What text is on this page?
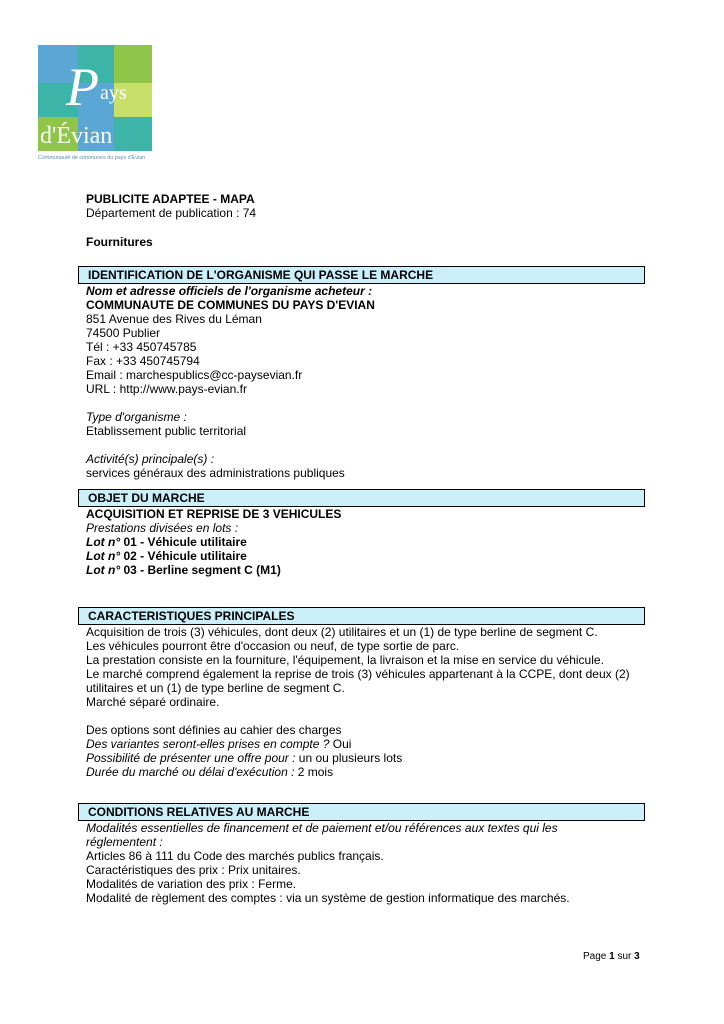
P ays
d'Évian
Communauté de communes du pays d'Évian
PUBLICITE ADAPTEE - MAPA
Département de publication : 74
Fournitures
IDENTIFICATION DE L'ORGANISME QUI PASSE LE MARCHE
Nom et adresse officiels de l'organisme acheteur :
COMMUNAUTE DE COMMUNES DU PAYS D'EVIAN
851 Avenue des Rives du Léman
74500 Publier
Tél : +33 450745785
Fax : +33 450745794
Email : marchespublics@cc-paysevian.fr
URL : http://www.pays-evian.fr
Type d'organisme :
Etablissement public territorial
Activité(s) principale(s) :
services généraux des administrations publiques
OBJET DU MARCHE
ACQUISITION ET REPRISE DE 3 VEHICULES
Prestations divisées en lots :
Lot n° 01 - Véhicule utilitaire
Lot n° 02 - Véhicule utilitaire
Lot n° 03 - Berline segment C (M1)
CARACTERISTIQUES PRINCIPALES
Acquisition de trois (3) véhicules, dont deux (2) utilitaires et un (1) de type berline de segment C.
Les véhicules pourront être d'occasion ou neuf, de type sortie de parc.
La prestation consiste en la fourniture, l'équipement, la livraison et la mise en service du véhicule.
Le marché comprend également la reprise de trois (3) véhicules appartenant à la CCPE, dont deux (2) utilitaires et un (1) de type berline de segment C.
Marché séparé ordinaire.
Des options sont définies au cahier des charges
Des variantes seront-elles prises en compte ? Oui
Possibilité de présenter une offre pour : un ou plusieurs lots
Durée du marché ou délai d'exécution : 2 mois
CONDITIONS RELATIVES AU MARCHE
Modalités essentielles de financement et de paiement et/ou références aux textes qui les réglementent :
Articles 86 à 111 du Code des marchés publics français.
Caractéristiques des prix : Prix unitaires.
Modalités de variation des prix : Ferme.
Modalité de règlement des comptes : via un système de gestion informatique des marchés.
Page 1 sur 3
